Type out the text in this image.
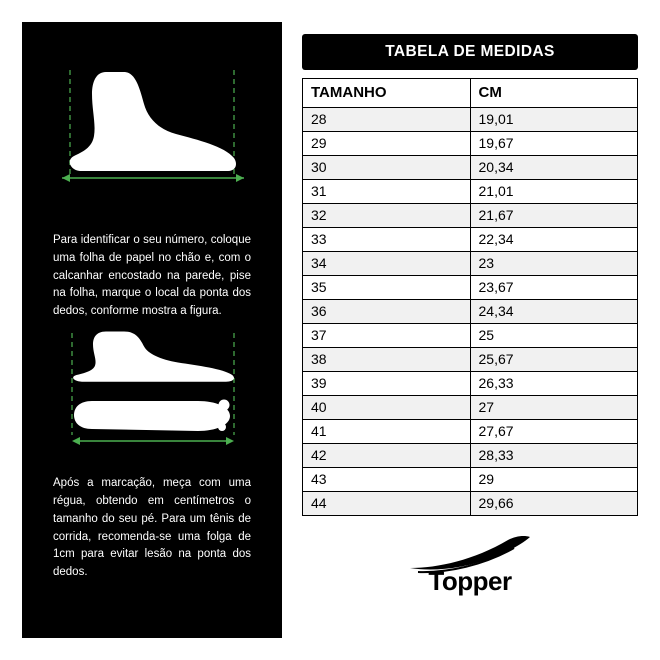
Para identificar o seu número, coloque uma folha de papel no chão e, com o calcanhar encostado na parede, pise na folha, marque o local da ponta dos dedos, conforme mostra a figura.
Após a marcação, meça com uma régua, obtendo em centímetros o tamanho do seu pé. Para um tênis de corrida, recomenda-se uma folga de 1cm para evitar lesão na ponta dos dedos.
TABELA DE MEDIDAS
TAMANHO	CM
28	19,01
29	19,67
30	20,34
31	21,01
32	21,67
33	22,34
34	23
35	23,67
36	24,34
37	25
38	25,67
39	26,33
40	27
41	27,67
42	28,33
43	29
44	29,66
Topper
